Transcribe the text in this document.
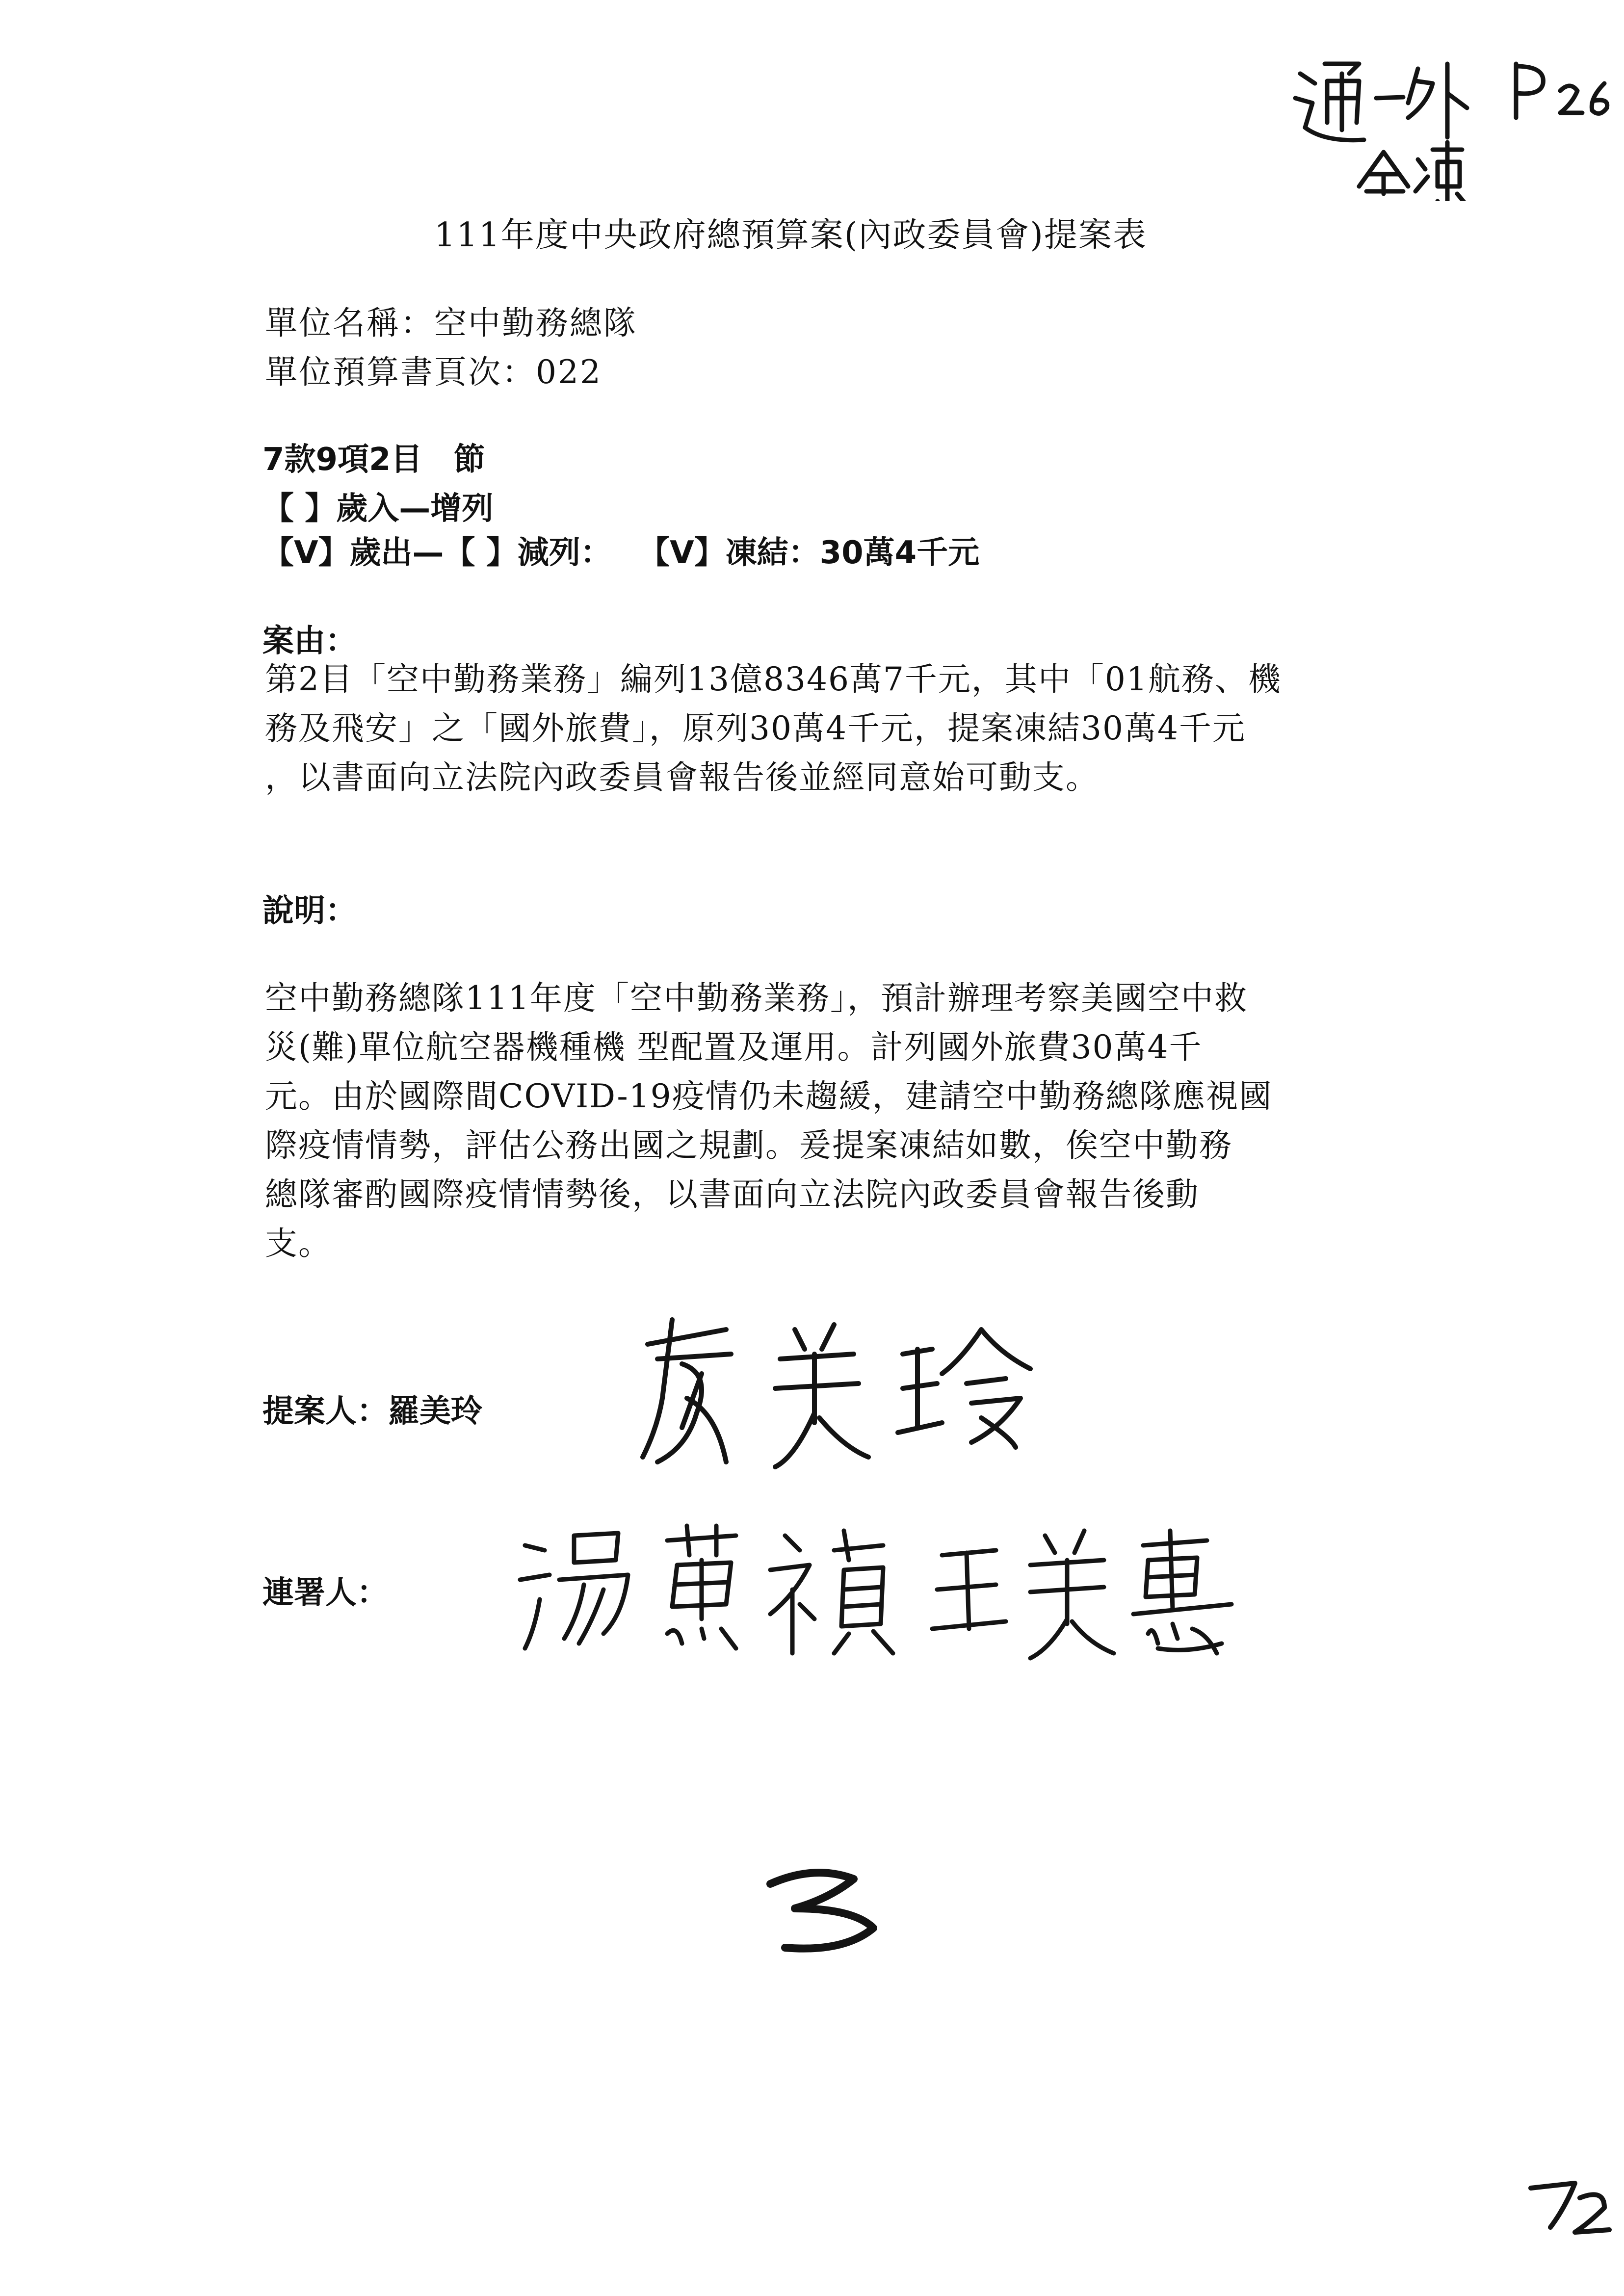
111年度中央政府總預算案(內政委員會)提案表
單位名稱：空中勤務總隊
單位預算書頁次：022
7款9項2目　節
【 】歲入—增列
【V】歲出—【 】減列：　 【V】凍結：30萬4千元
案由：
第2目「空中勤務業務」編列13億8346萬7千元，其中「01航務、機
務及飛安」之「國外旅費」，原列30萬4千元，提案凍結30萬4千元
，以書面向立法院內政委員會報告後並經同意始可動支。
說明：
空中勤務總隊111年度「空中勤務業務」，預計辦理考察美國空中救
災(難)單位航空器機種機 型配置及運用。計列國外旅費30萬4千
元。由於國際間COVID-19疫情仍未趨緩，建請空中勤務總隊應視國
際疫情情勢，評估公務出國之規劃。爰提案凍結如數，俟空中勤務
總隊審酌國際疫情情勢後，以書面向立法院內政委員會報告後動
支。
提案人：羅美玲
連署人：
